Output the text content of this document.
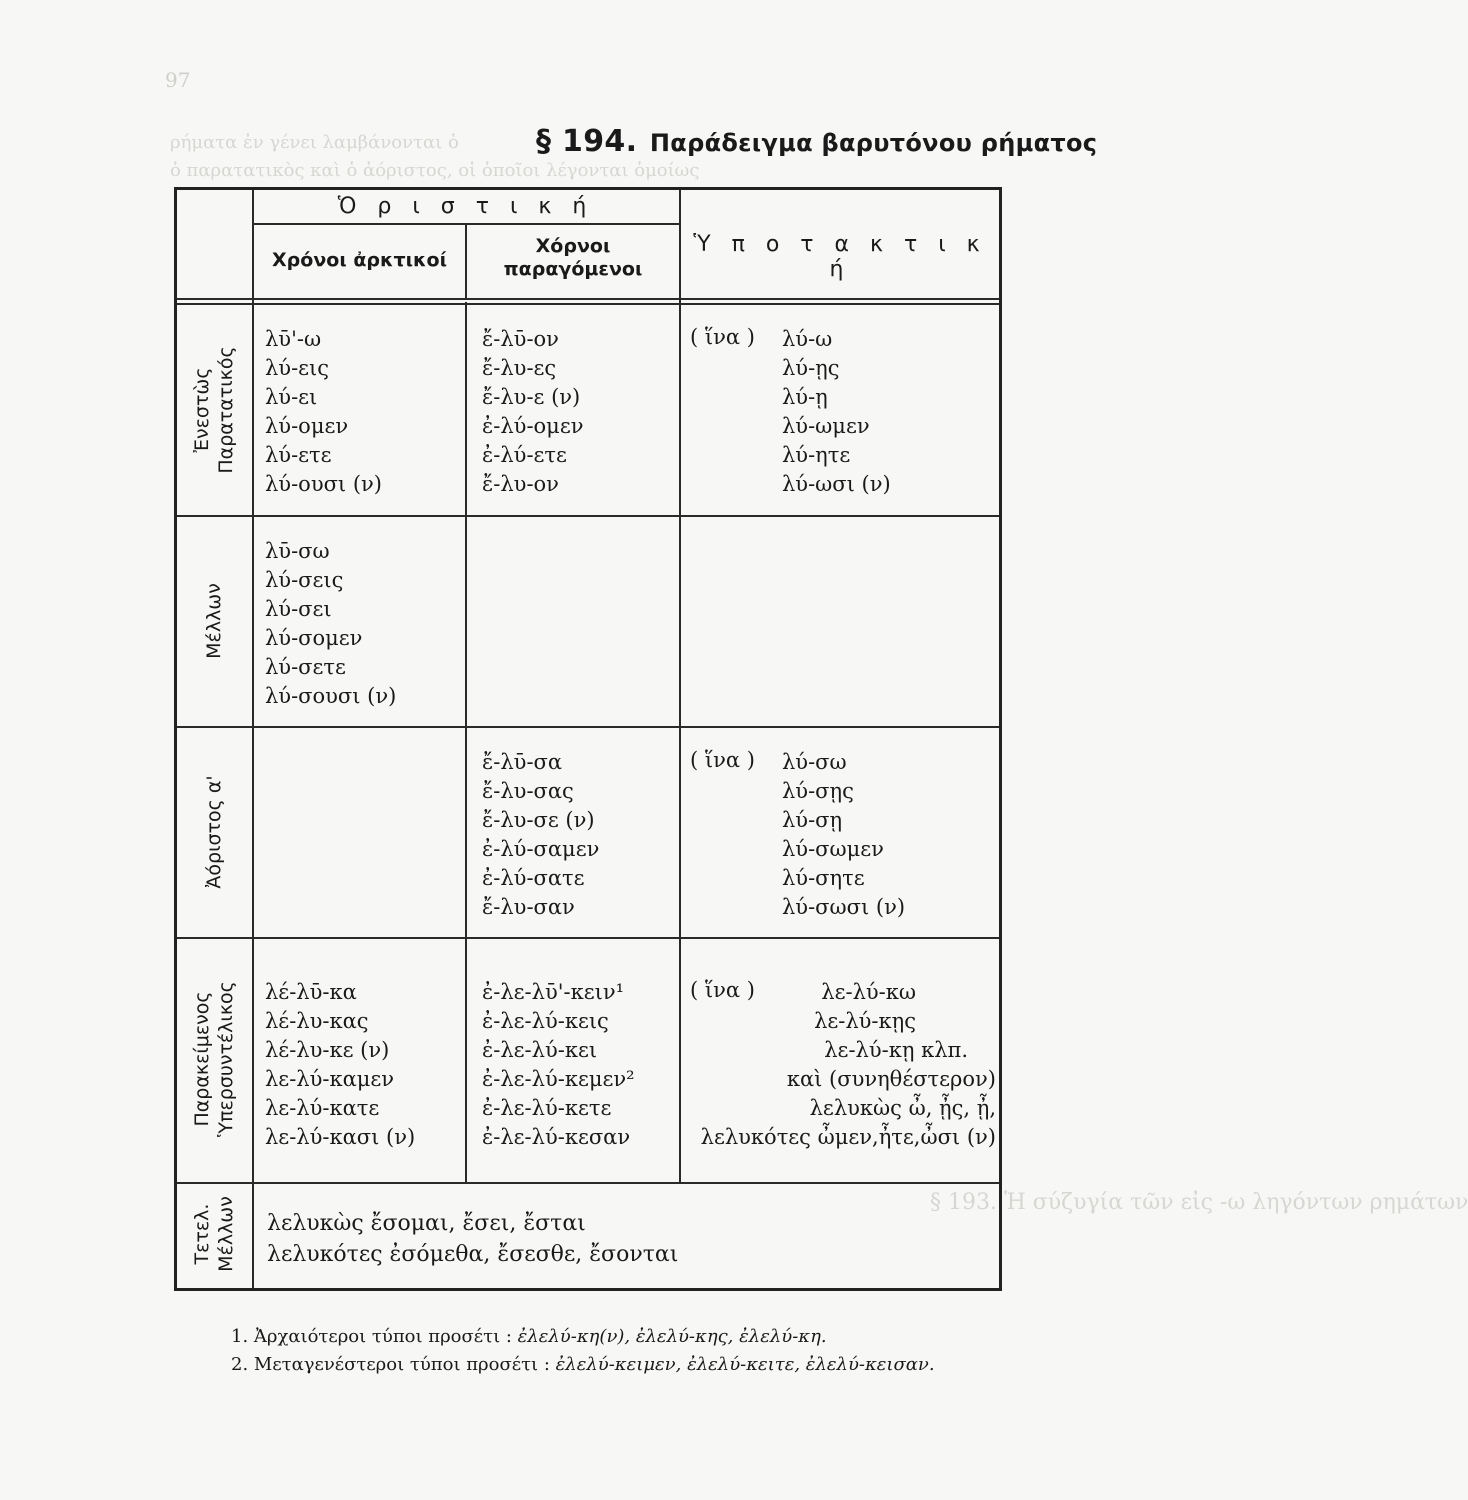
ρήματα ἐν γένει λαμβάνονται ὁ
ὁ παρατατικὸς καὶ ὁ ἀόριστος, οἱ ὁποῖοι λέγονται ὁμοίως
§ 193. Ἡ σύζυγία τῶν εἰς -ω ληγόντων ρημάτων
97
§ 194. Παράδειγμα βαρυτόνου ρήματος
Ὁ ρ ι σ τ ι κ ή
Ὑ π ο τ α κ τ ι κ ή
Χρόνοι ἀρκτικοί
Χόρνοι
παραγόμενοι
Ἐνεστὼς Παρατατικός
Μέλλων
Ἀόριστος α'
Παρακείμενος Ὑπερσυντέλικος
Τετελ. Μέλλων
λῡ'-ω
λύ-εις
λύ-ει
λύ-ομεν
λύ-ετε
λύ-ουσι (ν)
ἔ-λῡ-ον
ἔ-λυ-ες
ἔ-λυ-ε (ν)
ἐ-λύ-ομεν
ἐ-λύ-ετε
ἔ-λυ-ον
( ἵνα ) λύ-ω
λύ-ῃς
λύ-ῃ
λύ-ωμεν
λύ-ητε
λύ-ωσι (ν)
λῡ-σω
λύ-σεις
λύ-σει
λύ-σομεν
λύ-σετε
λύ-σουσι (ν)
ἔ-λῡ-σα
ἔ-λυ-σας
ἔ-λυ-σε (ν)
ἐ-λύ-σαμεν
ἐ-λύ-σατε
ἔ-λυ-σαν
( ἵνα ) λύ-σω
λύ-σῃς
λύ-σῃ
λύ-σωμεν
λύ-σητε
λύ-σωσι (ν)
λέ-λῡ-κα
λέ-λυ-κας
λέ-λυ-κε (ν)
λε-λύ-καμεν
λε-λύ-κατε
λε-λύ-κασι (ν)
ἐ-λε-λῡ'-κειν¹
ἐ-λε-λύ-κεις
ἐ-λε-λύ-κει
ἐ-λε-λύ-κεμεν²
ἐ-λε-λύ-κετε
ἐ-λε-λύ-κεσαν
( ἵνα )	λε-λύ-κω
λε-λύ-κῃς
λε-λύ-κῃ κλπ.
καὶ (συνηθέστερον)
λελυκὼς ὦ, ᾖς, ᾖ,
λελυκότες ὦμεν,ἦτε,ὦσι (ν)
λελυκὼς ἔσομαι, ἔσει, ἔσται
λελυκότες ἐσόμεθα, ἔσεσθε, ἔσονται
1. Ἀρχαιότεροι τύποι προσέτι : ἐλελύ-κη(ν), ἐλελύ-κης, ἐλελύ-κη.
2. Μεταγενέστεροι τύποι προσέτι : ἐλελύ-κειμεν, ἐλελύ-κειτε, ἐλελύ-κεισαν.
